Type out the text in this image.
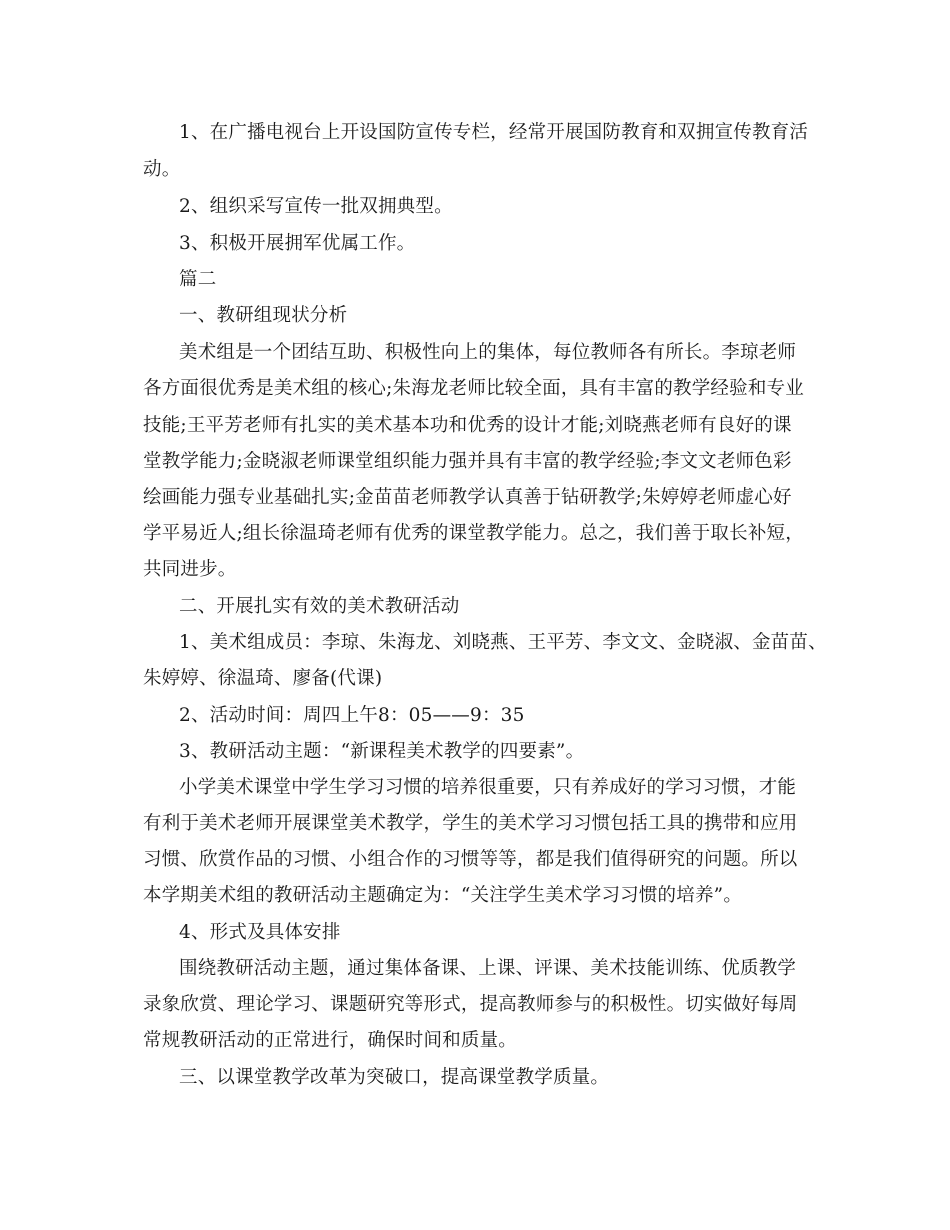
1、在广播电视台上开设国防宣传专栏，经常开展国防教育和双拥宣传教育活
动。
2、组织采写宣传一批双拥典型。
3、积极开展拥军优属工作。
篇二
一、教研组现状分析
美术组是一个团结互助、积极性向上的集体，每位教师各有所长。李琼老师
各方面很优秀是美术组的核心;朱海龙老师比较全面，具有丰富的教学经验和专业
技能;王平芳老师有扎实的美术基本功和优秀的设计才能;刘晓燕老师有良好的课
堂教学能力;金晓淑老师课堂组织能力强并具有丰富的教学经验;李文文老师色彩
绘画能力强专业基础扎实;金苗苗老师教学认真善于钻研教学;朱婷婷老师虚心好
学平易近人;组长徐温琦老师有优秀的课堂教学能力。总之，我们善于取长补短，
共同进步。
二、开展扎实有效的美术教研活动
1、美术组成员：李琼、朱海龙、刘晓燕、王平芳、李文文、金晓淑、金苗苗、
朱婷婷、徐温琦、廖备(代课)
2、活动时间：周四上午8：05——9：35
3、教研活动主题：“新课程美术教学的四要素”。
小学美术课堂中学生学习习惯的培养很重要，只有养成好的学习习惯，才能
有利于美术老师开展课堂美术教学，学生的美术学习习惯包括工具的携带和应用
习惯、欣赏作品的习惯、小组合作的习惯等等，都是我们值得研究的问题。所以
本学期美术组的教研活动主题确定为：“关注学生美术学习习惯的培养”。
4、形式及具体安排
围绕教研活动主题，通过集体备课、上课、评课、美术技能训练、优质教学
录象欣赏、理论学习、课题研究等形式，提高教师参与的积极性。切实做好每周
常规教研活动的正常进行，确保时间和质量。
三、以课堂教学改革为突破口，提高课堂教学质量。
